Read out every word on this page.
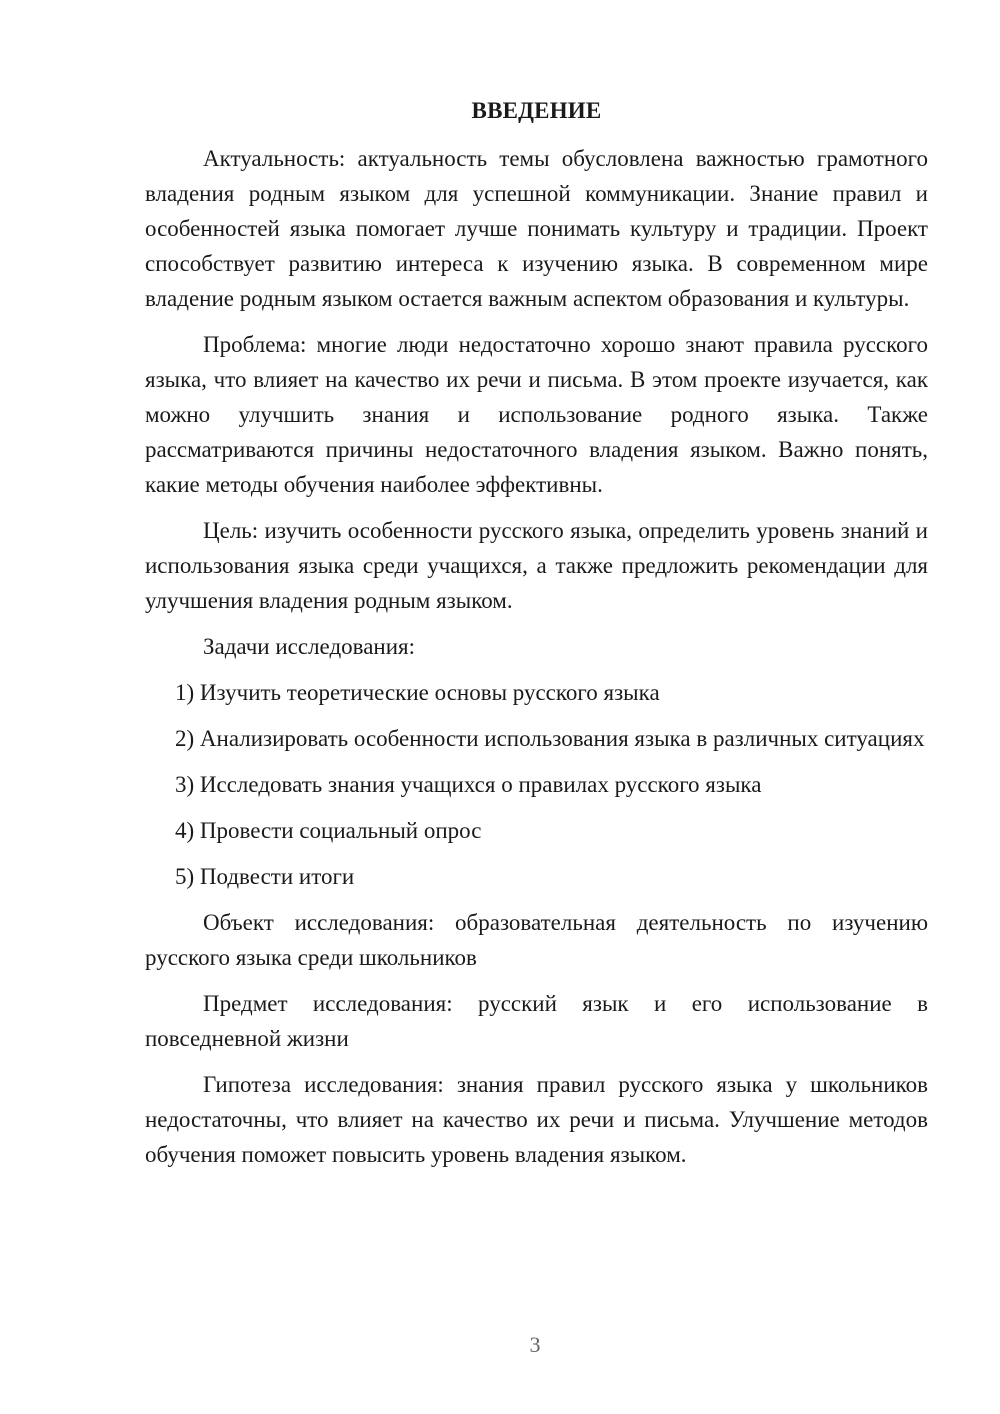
ВВЕДЕНИЕ

Актуальность: актуальность темы обусловлена важностью грамотного владения родным языком для успешной коммуникации. Знание правил и особенностей языка помогает лучше понимать культуру и традиции. Проект способствует развитию интереса к изучению языка. В современном мире владение родным языком остается важным аспектом образования и культуры.

Проблема: многие люди недостаточно хорошо знают правила русского языка, что влияет на качество их речи и письма. В этом проекте изучается, как можно улучшить знания и использование родного языка. Также рассматриваются причины недостаточного владения языком. Важно понять, какие методы обучения наиболее эффективны.

Цель: изучить особенности русского языка, определить уровень знаний и использования языка среди учащихся, а также предложить рекомендации для улучшения владения родным языком.

Задачи исследования:

1) Изучить теоретические основы русского языка

2) Анализировать особенности использования языка в различных ситуациях

3) Исследовать знания учащихся о правилах русского языка

4) Провести социальный опрос

5) Подвести итоги

Объект исследования: образовательная деятельность по изучению русского языка среди школьников

Предмет исследования: русский язык и его использование в повседневной жизни

Гипотеза исследования: знания правил русского языка у школьников недостаточны, что влияет на качество их речи и письма. Улучшение методов обучения поможет повысить уровень владения языком.

3
